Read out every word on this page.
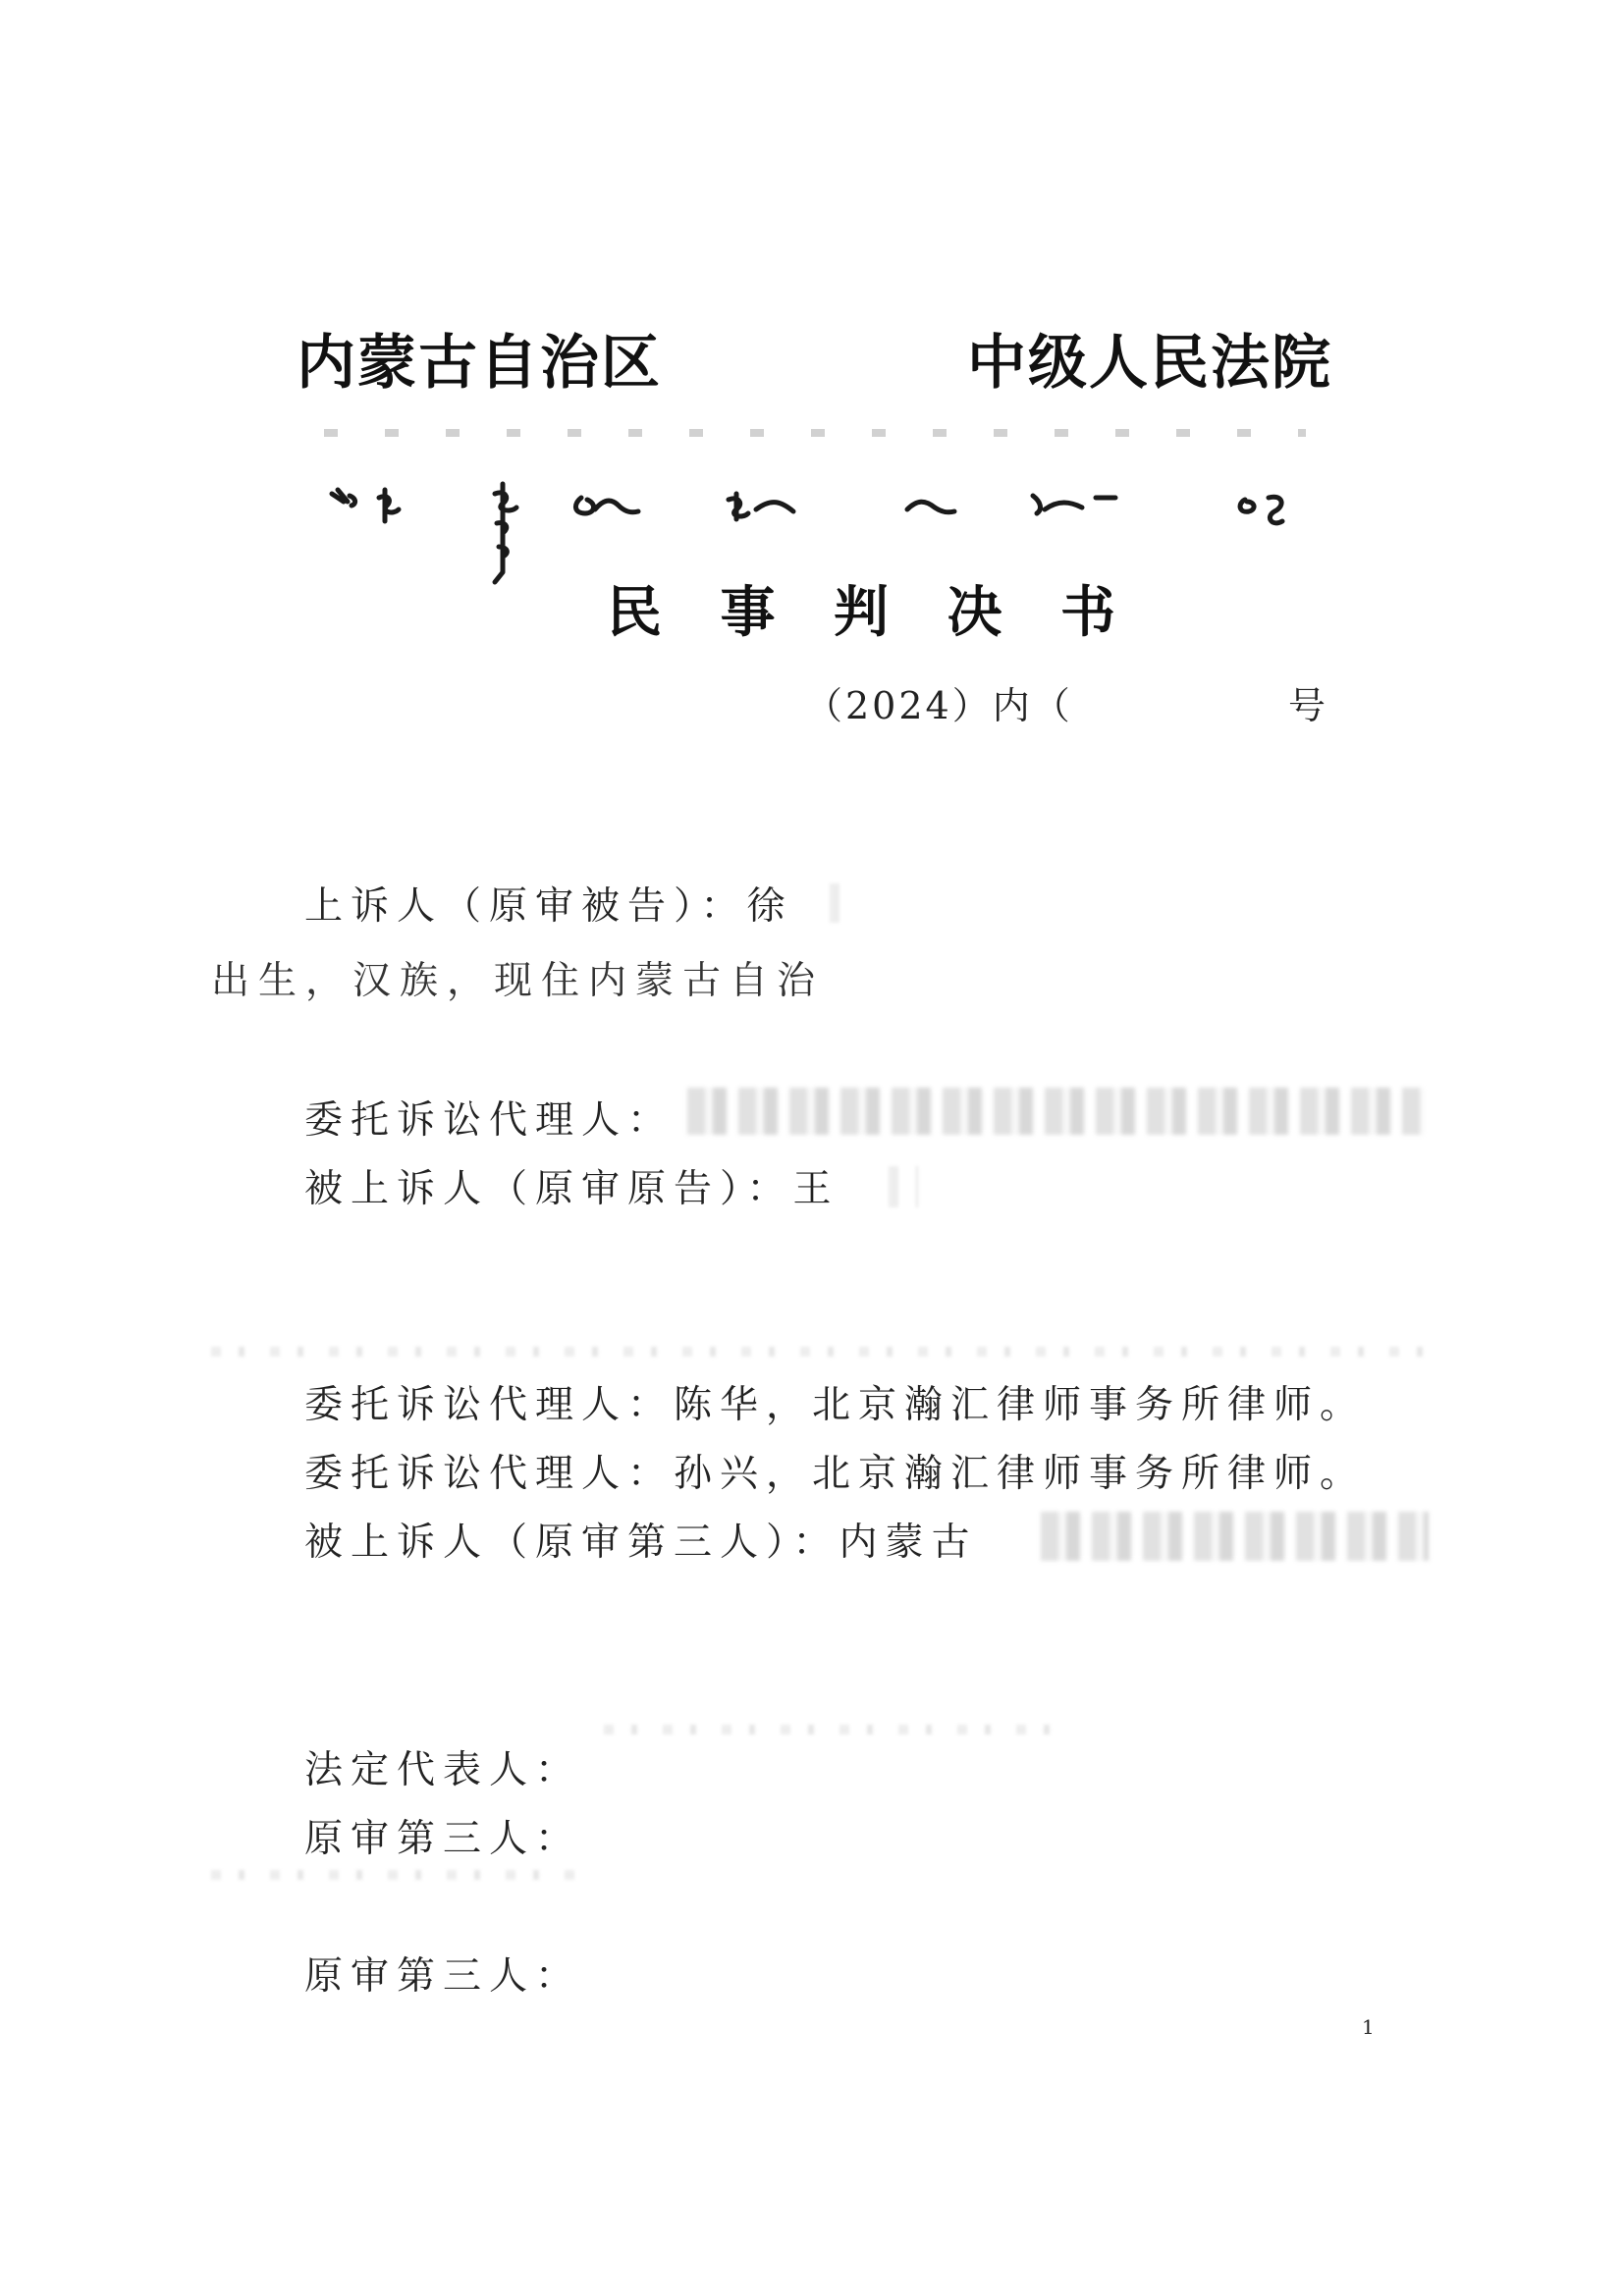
内蒙古自治区	中级人民法院
民 事 判 决 书
（2024）内（	号
上诉人（原审被告）：徐
出生，汉族，现住内蒙古自治
委托诉讼代理人：
被上诉人（原审原告）：王
委托诉讼代理人：陈华，北京瀚汇律师事务所律师。
委托诉讼代理人：孙兴，北京瀚汇律师事务所律师。
被上诉人（原审第三人）：内蒙古
法定代表人：
原审第三人：
原审第三人：
1
